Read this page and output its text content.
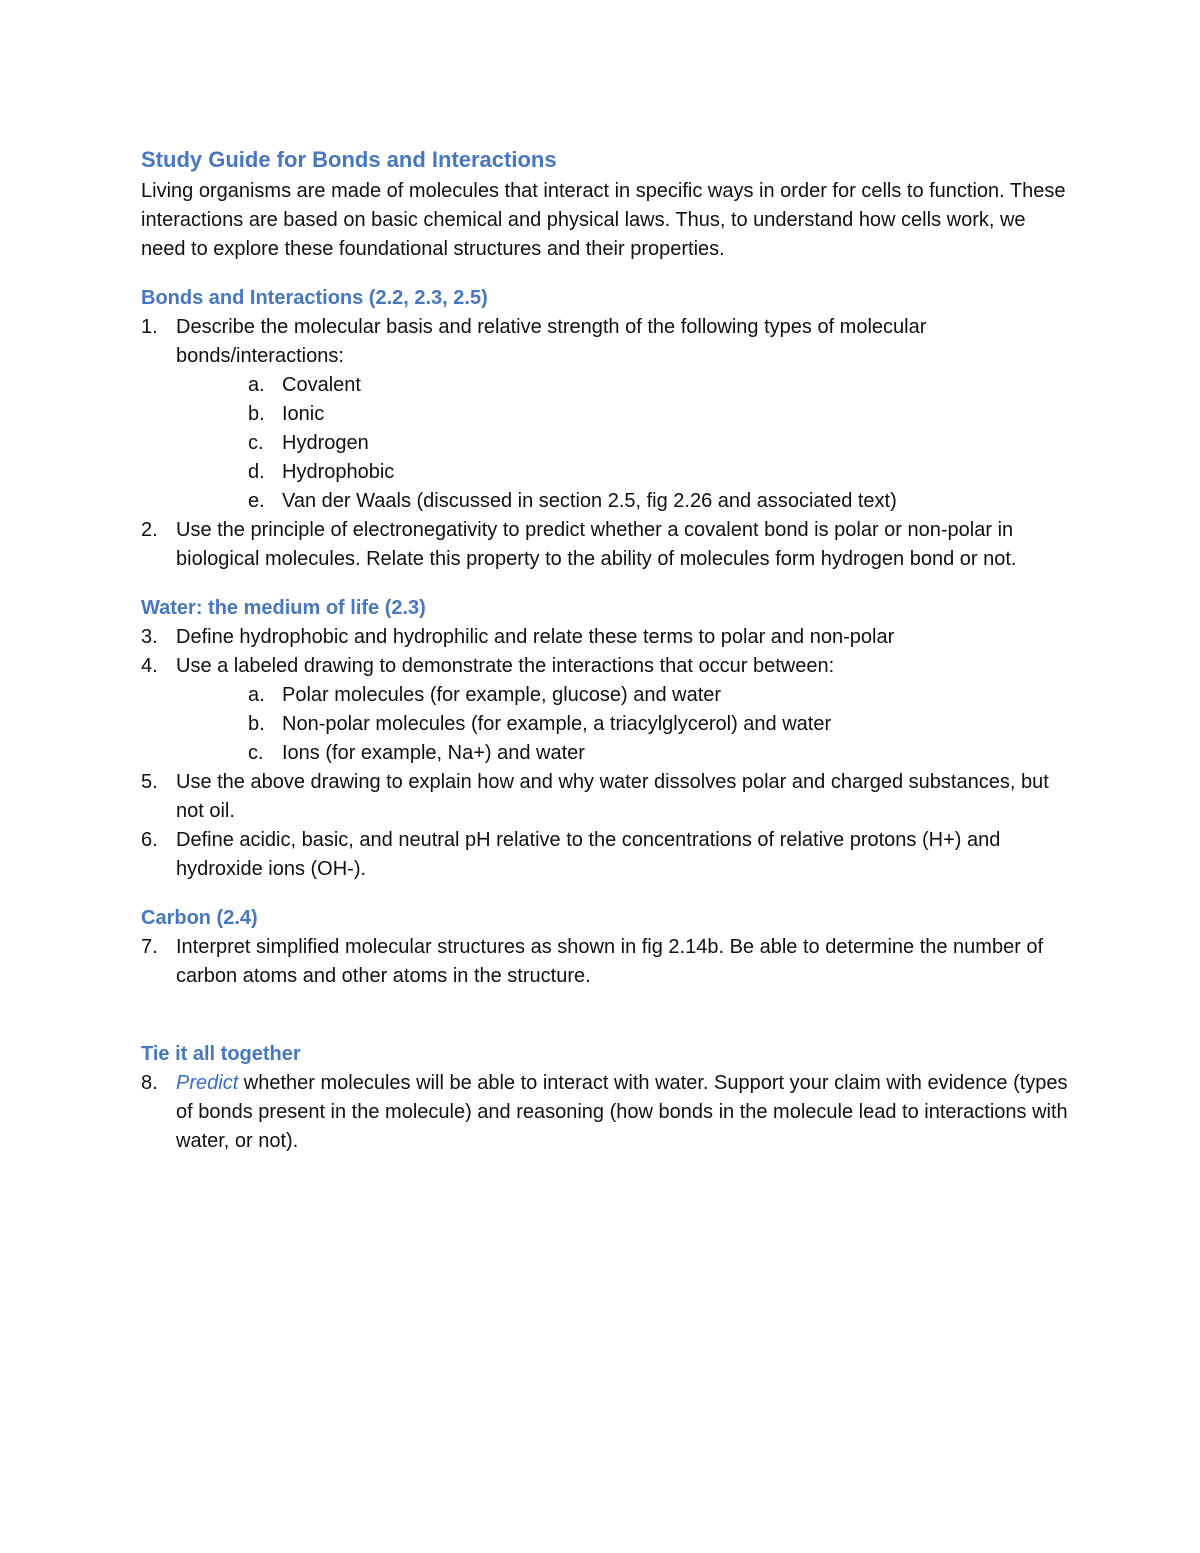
Study Guide for Bonds and Interactions

Living organisms are made of molecules that interact in specific ways in order for cells to function. These interactions are based on basic chemical and physical laws. Thus, to understand how cells work, we need to explore these foundational structures and their properties.

Bonds and Interactions (2.2, 2.3, 2.5)
1. Describe the molecular basis and relative strength of the following types of molecular bonds/interactions:
a. Covalent
b. Ionic
c. Hydrogen
d. Hydrophobic
e. Van der Waals (discussed in section 2.5, fig 2.26 and associated text)
2. Use the principle of electronegativity to predict whether a covalent bond is polar or non-polar in biological molecules. Relate this property to the ability of molecules form hydrogen bond or not.
Water: the medium of life (2.3)
3. Define hydrophobic and hydrophilic and relate these terms to polar and non-polar
4. Use a labeled drawing to demonstrate the interactions that occur between:
a. Polar molecules (for example, glucose) and water
b. Non-polar molecules (for example, a triacylglycerol) and water
c. Ions (for example, Na+) and water
5. Use the above drawing to explain how and why water dissolves polar and charged substances, but not oil.
6. Define acidic, basic, and neutral pH relative to the concentrations of relative protons (H+) and hydroxide ions (OH-).
Carbon (2.4)
7. Interpret simplified molecular structures as shown in fig 2.14b. Be able to determine the number of carbon atoms and other atoms in the structure.
Tie it all together
8. Predict whether molecules will be able to interact with water. Support your claim with evidence (types of bonds present in the molecule) and reasoning (how bonds in the molecule lead to interactions with water, or not).
